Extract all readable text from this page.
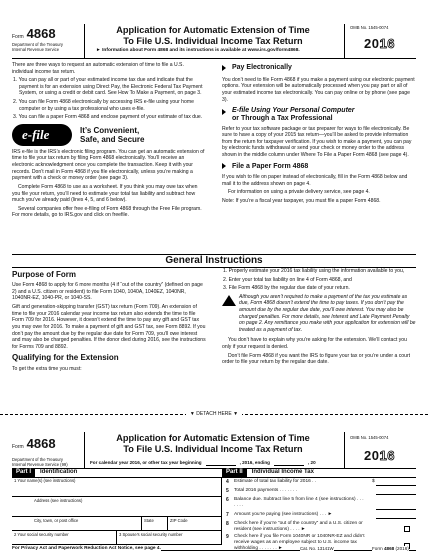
Form 4868
Department of the Treasury
Internal Revenue Service
Application for Automatic Extension of Time
To File U.S. Individual Income Tax Return
► Information about Form 4868 and its instructions is available at www.irs.gov/form4868.
OMB No. 1545-0074
2016
There are three ways to request an automatic extension of time to file a U.S. individual income tax return.
1. You can pay all or part of your estimated income tax due and indicate that the payment is for an extension using Direct Pay, the Electronic Federal Tax Payment System, or using a credit or debit card. See How To Make a Payment, on page 3.
2. You can file Form 4868 electronically by accessing IRS e-file using your home computer or by using a tax professional who uses e-file.
3. You can file a paper Form 4868 and enclose payment of your estimate of tax due.
e-file	It’s Convenient,
Safe, and Secure
IRS e-file is the IRS’s electronic filing program. You can get an automatic extension of time to file your tax return by filing Form 4868 electronically. You’ll receive an electronic acknowledgment once you complete the transaction. Keep it with your records. Don’t mail in Form 4868 if you file electronically, unless you’re making a payment with a check or money order (see page 3).
Complete Form 4868 to use as a worksheet. If you think you may owe tax when you file your return, you’ll need to estimate your total tax liability and subtract how much you’ve already paid (lines 4, 5, and 6 below).
Several companies offer free e-filing of Form 4868 through the Free File program. For more details, go to IRS.gov and click on freefile.
Pay Electronically
You don’t need to file Form 4868 if you make a payment using our electronic payment options. Your extension will be automatically processed when you pay part or all of your estimated income tax electronically. You can pay online or by phone (see page 3).
E-file Using Your Personal Computer
or Through a Tax Professional
Refer to your tax software package or tax preparer for ways to file electronically. Be sure to have a copy of your 2015 tax return—you’ll be asked to provide information from the return for taxpayer verification. If you wish to make a payment, you can pay by electronic funds withdrawal or send your check or money order to the address shown in the middle column under Where To File a Paper Form 4868 (see page 4).
File a Paper Form 4868
If you wish to file on paper instead of electronically, fill in the Form 4868 below and mail it to the address shown on page 4.
For information on using a private delivery service, see page 4.
Note: If you’re a fiscal year taxpayer, you must file a paper Form 4868.
General Instructions
Purpose of Form
Use Form 4868 to apply for 6 more months (4 if “out of the country” (defined on page 2) and a U.S. citizen or resident) to file Form 1040, 1040A, 1040EZ, 1040NR, 1040NR-EZ, 1040-PR, or 1040-SS.
Gift and generation-skipping transfer (GST) tax return (Form 709). An extension of time to file your 2016 calendar year income tax return also extends the time to file Form 709 for 2016. However, it doesn’t extend the time to pay any gift and GST tax you may owe for 2016. To make a payment of gift and GST tax, see Form 8892. If you don’t pay the amount due by the regular due date for Form 709, you’ll owe interest and may also be charged penalties. If the donor died during 2016, see the instructions for Forms 709 and 8892.
Qualifying for the Extension
To get the extra time you must:
1. Properly estimate your 2016 tax liability using the information available to you,
2. Enter your total tax liability on line 4 of Form 4868, and
3. File Form 4868 by the regular due date of your return.
Although you aren’t required to make a payment of the tax you estimate as due, Form 4868 doesn’t extend the time to pay taxes. If you don’t pay the amount due by the regular due date, you’ll owe interest. You may also be charged penalties. For more details, see Interest and Late Payment Penalty on page 2. Any remittance you make with your application for extension will be treated as a payment of tax.
You don’t have to explain why you’re asking for the extension. We’ll contact you only if your request is denied.
Don’t file Form 4868 if you want the IRS to figure your tax or you’re under a court order to file your return by the regular due date.
▼ DETACH HERE ▼
Form 4868
Department of the Treasury
Internal Revenue Service (99)
Application for Automatic Extension of Time
To File U.S. Individual Income Tax Return
For calendar year 2016, or other tax year beginning	, 2016, ending	, 20
OMB No. 1545-0074
2016
Part I	Identification	Part II	Individual Income Tax
1 Your name(s) (see instructions)
Address (see instructions)
City, town, or post office	State	ZIP Code
2 Your social security number	3 Spouse’s social security number
4 Estimate of total tax liability for 2016 . .	$
5 Total 2016 payments . . . . . . .
6 Balance due. Subtract line 5 from line 4 (see instructions) . . . . . . .
7 Amount you’re paying (see instructions) . . . ►
8 Check here if you’re “out of the country” and a U.S. citizen or resident (see instructions) . . . . ►
9 Check here if you file Form 1040NR or 1040NR-EZ and didn’t receive wages as an employee subject to U.S. income tax withholding . . . . . . . ►
For Privacy Act and Paperwork Reduction Act Notice, see page 4.	Cat. No. 13141W	Form 4868 (2016)
